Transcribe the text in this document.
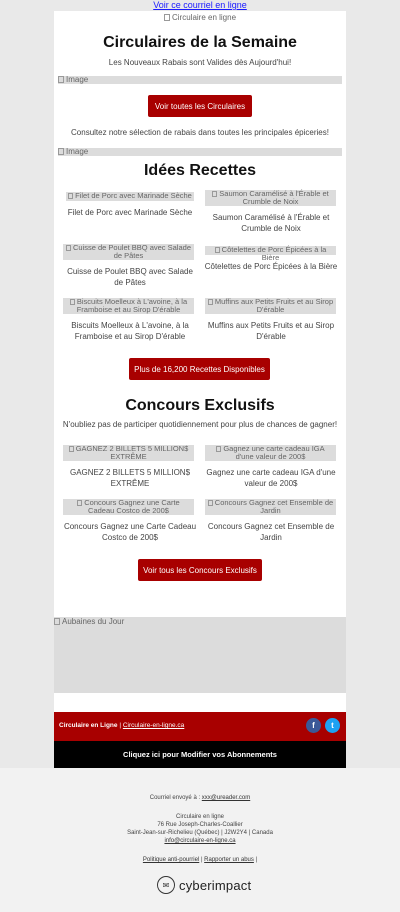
Voir ce courriel en ligne
Circulaire en ligne
Circulaires de la Semaine
Les Nouveaux Rabais sont Valides dès Aujourd'hui!
Image
Voir toutes les Circulaires
Consultez notre sélection de rabais dans toutes les principales épiceries!
Image
Idées Recettes
Filet de Porc avec Marinade Sèche
Filet de Porc avec Marinade Sèche
Saumon Caramélisé à l'Érable et Crumble de Noix
Saumon Caramélisé à l'Érable et Crumble de Noix
Cuisse de Poulet BBQ avec Salade de Pâtes
Cuisse de Poulet BBQ avec Salade de Pâtes
Côtelettes de Porc Épicées à la Bière
Côtelettes de Porc Épicées à la Bière
Biscuits Moelleux à L'avoine, à la Framboise et au Sirop D'érable
Biscuits Moelleux à L'avoine, à la Framboise et au Sirop D'érable
Muffins aux Petits Fruits et au Sirop D'érable
Muffins aux Petits Fruits et au Sirop D'érable
Plus de 16,200 Recettes Disponibles
Concours Exclusifs
N'oubliez pas de participer quotidiennement pour plus de chances de gagner!
GAGNEZ 2 BILLETS 5 MILLION$ EXTRÊME
GAGNEZ 2 BILLETS 5 MILLION$ EXTRÊME
Gagnez une carte cadeau IGA d'une valeur de 200$
Gagnez une carte cadeau IGA d'une valeur de 200$
Concours Gagnez une Carte Cadeau Costco de 200$
Concours Gagnez une Carte Cadeau Costco de 200$
Concours Gagnez cet Ensemble de Jardin
Concours Gagnez cet Ensemble de Jardin
Voir tous les Concours Exclusifs
Aubaines du Jour
Circulaire en Ligne | Circulaire-en-ligne.ca	f	t
Cliquez ici pour Modifier vos Abonnements
Courriel envoyé à : xxx@ureader.com
Circulaire en ligne
76 Rue Joseph-Charles-Coallier
Saint-Jean-sur-Richelieu (Québec) | J2W2Y4 | Canada
info@circulaire-en-ligne.ca
Politique anti-pourriel | Rapporter un abus |
✉ cyberimpact
